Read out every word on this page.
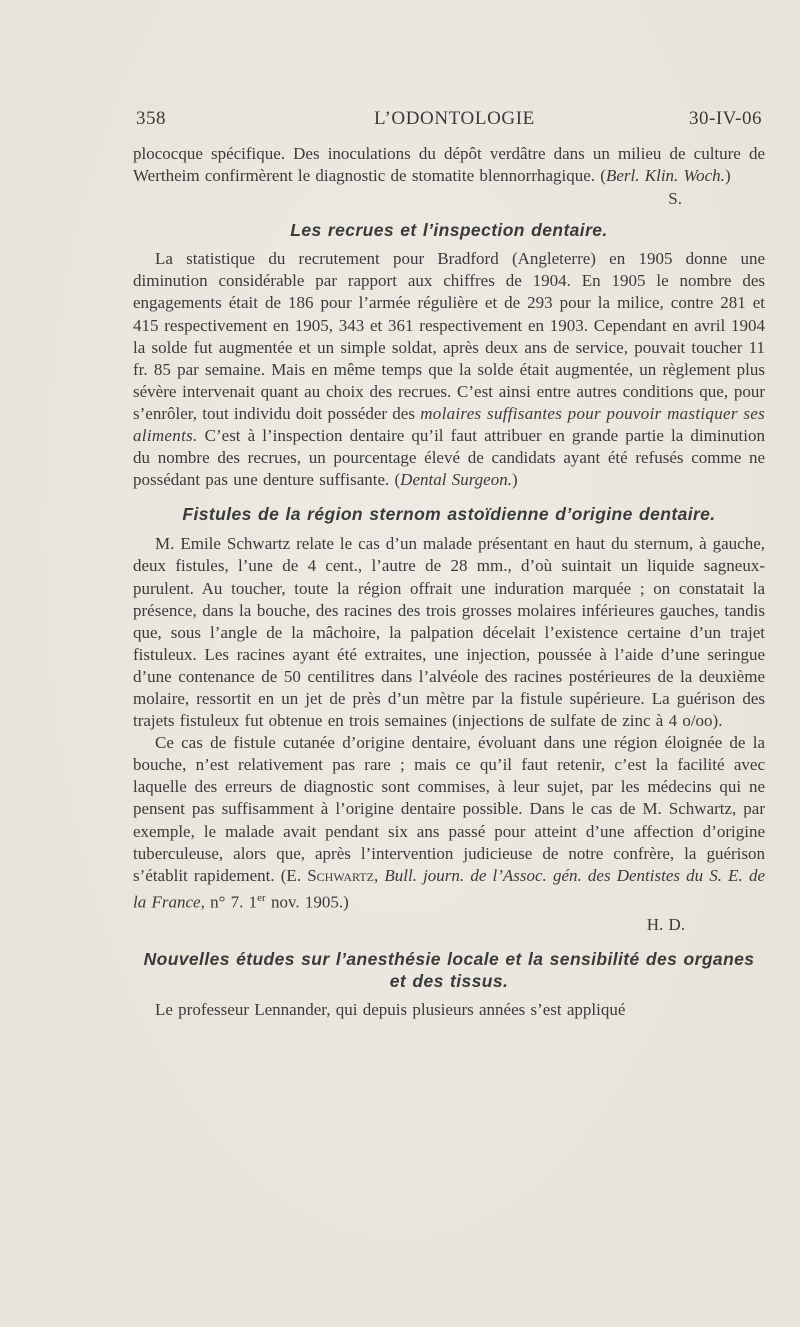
358	L’ODONTOLOGIE	30-IV-06

plococque spécifique. Des inoculations du dépôt verdâtre dans un milieu de culture de Wertheim confirmèrent le diagnostic de stomatite blennorrhagique. (Berl. Klin. Woch.)

S.

Les recrues et l’inspection dentaire.

La statistique du recrutement pour Bradford (Angleterre) en 1905 donne une diminution considérable par rapport aux chiffres de 1904. En 1905 le nombre des engagements était de 186 pour l’armée régulière et de 293 pour la milice, contre 281 et 415 respectivement en 1905, 343 et 361 respectivement en 1903. Cependant en avril 1904 la solde fut augmentée et un simple soldat, après deux ans de service, pouvait toucher 11 fr. 85 par semaine. Mais en même temps que la solde était augmentée, un règlement plus sévère intervenait quant au choix des recrues. C’est ainsi entre autres conditions que, pour s’enrôler, tout individu doit posséder des molaires suffisantes pour pouvoir mastiquer ses aliments. C’est à l’inspection dentaire qu’il faut attribuer en grande partie la diminution du nombre des recrues, un pourcentage élevé de candidats ayant été refusés comme ne possédant pas une denture suffisante. (Dental Surgeon.)

Fistules de la région sternom astoïdienne d’origine dentaire.

M. Emile Schwartz relate le cas d’un malade présentant en haut du sternum, à gauche, deux fistules, l’une de 4 cent., l’autre de 28 mm., d’où suintait un liquide sagneux-purulent. Au toucher, toute la région offrait une induration marquée ; on constatait la présence, dans la bouche, des racines des trois grosses molaires inférieures gauches, tandis que, sous l’angle de la mâchoire, la palpation décelait l’existence certaine d’un trajet fistuleux. Les racines ayant été extraites, une injection, poussée à l’aide d’une seringue d’une contenance de 50 centilitres dans l’alvéole des racines postérieures de la deuxième molaire, ressortit en un jet de près d’un mètre par la fistule supérieure. La guérison des trajets fistuleux fut obtenue en trois semaines (injections de sulfate de zinc à 4 o/oo).

Ce cas de fistule cutanée d’origine dentaire, évoluant dans une région éloignée de la bouche, n’est relativement pas rare ; mais ce qu’il faut retenir, c’est la facilité avec laquelle des erreurs de diagnostic sont commises, à leur sujet, par les médecins qui ne pensent pas suffisamment à l’origine dentaire possible. Dans le cas de M. Schwartz, par exemple, le malade avait pendant six ans passé pour atteint d’une affection d’origine tuberculeuse, alors que, après l’intervention judicieuse de notre confrère, la guérison s’établit rapidement. (E. Schwartz, Bull. journ. de l’Assoc. gén. des Dentistes du S. E. de la France, n° 7. 1er nov. 1905.)

H. D.

Nouvelles études sur l’anesthésie locale et la sensibilité des organes et des tissus.

Le professeur Lennander, qui depuis plusieurs années s’est appliqué
